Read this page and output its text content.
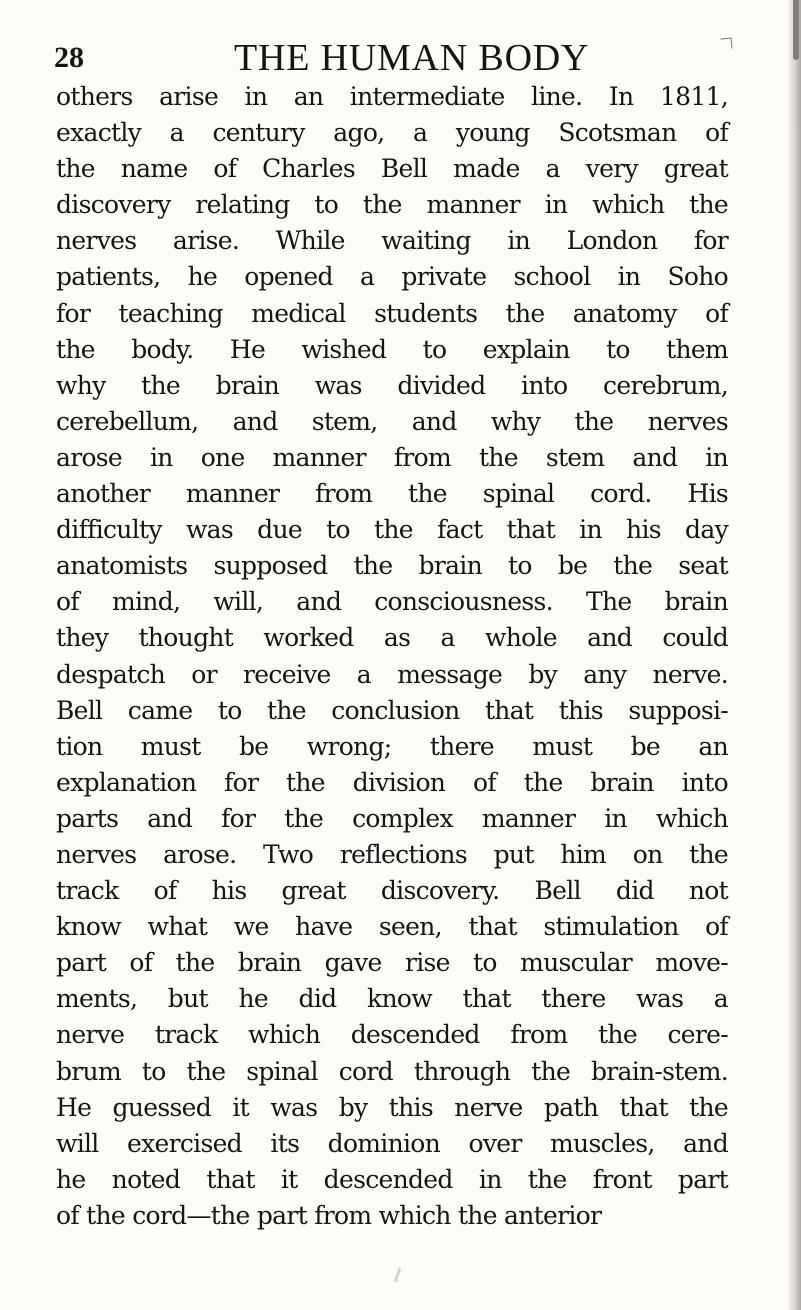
28	THE HUMAN BODY
others arise in an intermediate line. In 1811,
exactly a century ago, a young Scotsman of
the name of Charles Bell made a very great
discovery relating to the manner in which the
nerves arise. While waiting in London for
patients, he opened a private school in Soho
for teaching medical students the anatomy of
the body. He wished to explain to them
why the brain was divided into cerebrum,
cerebellum, and stem, and why the nerves
arose in one manner from the stem and in
another manner from the spinal cord. His
difficulty was due to the fact that in his day
anatomists supposed the brain to be the seat
of mind, will, and consciousness. The brain
they thought worked as a whole and could
despatch or receive a message by any nerve.
Bell came to the conclusion that this supposi-
tion must be wrong; there must be an
explanation for the division of the brain into
parts and for the complex manner in which
nerves arose. Two reflections put him on the
track of his great discovery. Bell did not
know what we have seen, that stimulation of
part of the brain gave rise to muscular move-
ments, but he did know that there was a
nerve track which descended from the cere-
brum to the spinal cord through the brain-stem.
He guessed it was by this nerve path that the
will exercised its dominion over muscles, and
he noted that it descended in the front part
of the cord—the part from which the anterior
